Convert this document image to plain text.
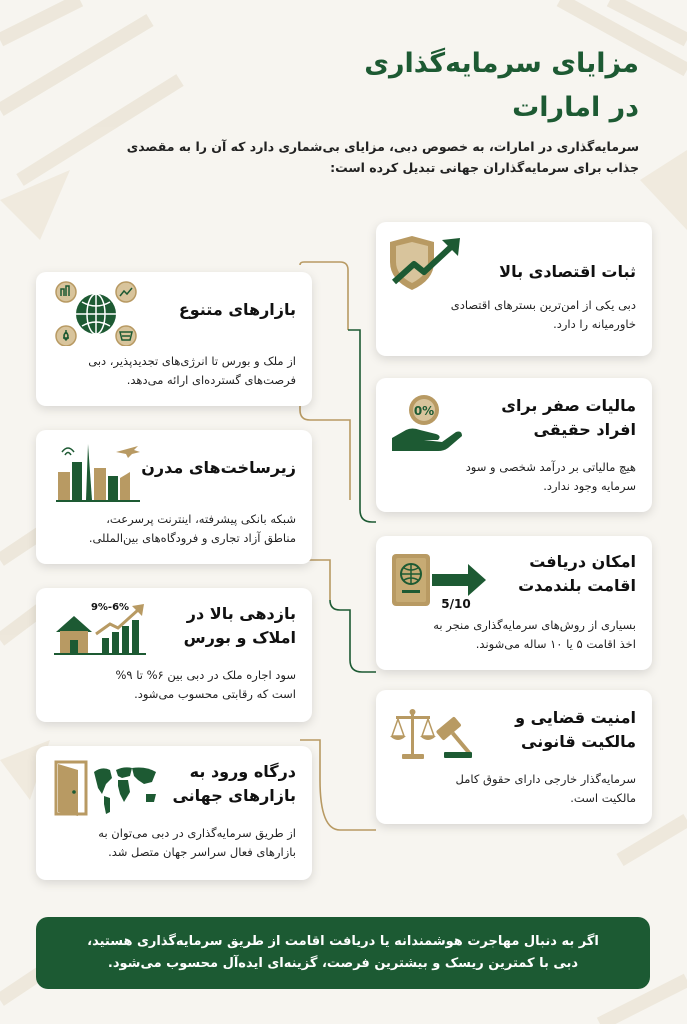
مزایای سرمایه‌گذاری
در امارات

سرمایه‌گذاری در امارات، به خصوص دبی، مزایای بی‌شماری دارد که آن را به مقصدی
جذاب برای سرمایه‌گذاران جهانی تبدیل کرده است:

ثبات اقتصادی بالا
دبی یکی از امن‌ترین بسترهای اقتصادی
خاورمیانه را دارد.
0%	مالیات صفر برای
افراد حقیقی
هیچ مالیاتی بر درآمد شخصی و سود
سرمایه وجود ندارد.
5/10
امکان دریافت
اقامت بلندمدت
بسیاری از روش‌های سرمایه‌گذاری منجر به
اخذ اقامت ۵ یا ۱۰ ساله می‌شوند.
امنیت قضایی و
مالکیت قانونی
سرمایه‌گذار خارجی دارای حقوق کامل
مالکیت است.
بازارهای متنوع
از ملک و بورس تا انرژی‌های تجدیدپذیر، دبی
فرصت‌های گسترده‌ای ارائه می‌دهد.
زیرساخت‌های مدرن
شبکه بانکی پیشرفته، اینترنت پرسرعت،
مناطق آزاد تجاری و فرودگاه‌های بین‌المللی.
6%-9%	بازدهی بالا در
املاک و بورس
سود اجاره ملک در دبی بین ۶% تا ۹%
است که رقابتی محسوب می‌شود.
درگاه ورود به
بازارهای جهانی
از طریق سرمایه‌گذاری در دبی می‌توان به
بازارهای فعال سراسر جهان متصل شد.
اگر به دنبال مهاجرت هوشمندانه یا دریافت اقامت از طریق سرمایه‌گذاری هستید،
دبی با کمترین ریسک و بیشترین فرصت، گزینه‌ای ایده‌آل محسوب می‌شود.
